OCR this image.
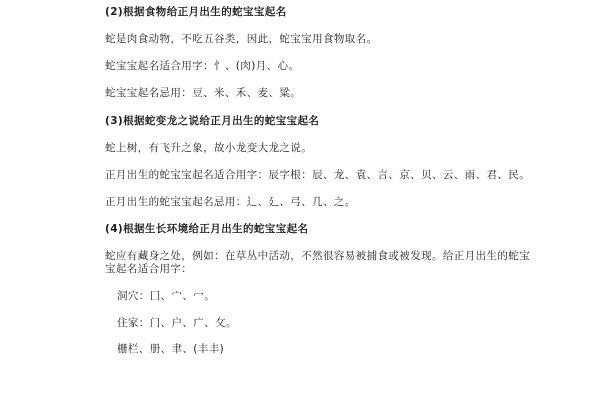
(2)根据食物给正月出生的蛇宝宝起名
蛇是肉食动物，不吃五谷类，因此，蛇宝宝用食物取名。
蛇宝宝起名适合用字：忄、(肉)月、心。
蛇宝宝起名忌用：豆、米、禾、麦、粱。
(3)根据蛇变龙之说给正月出生的蛇宝宝起名
蛇上树，有飞升之象，故小龙变大龙之说。
正月出生的蛇宝宝起名适合用字：辰字根：辰、龙、袁、言、京、贝、云、雨、君、民。
正月出生的蛇宝宝起名忌用：辶、廴、弓、几、之。
(4)根据生长环境给正月出生的蛇宝宝起名
蛇应有藏身之处，例如：在草丛中活动，不然很容易被捕食或被发现。给正月出生的蛇宝宝起名适合用字：
洞穴：囗、宀、冖。
住家：门、户、广、攵。
栅栏、册、聿、(丰丰)
